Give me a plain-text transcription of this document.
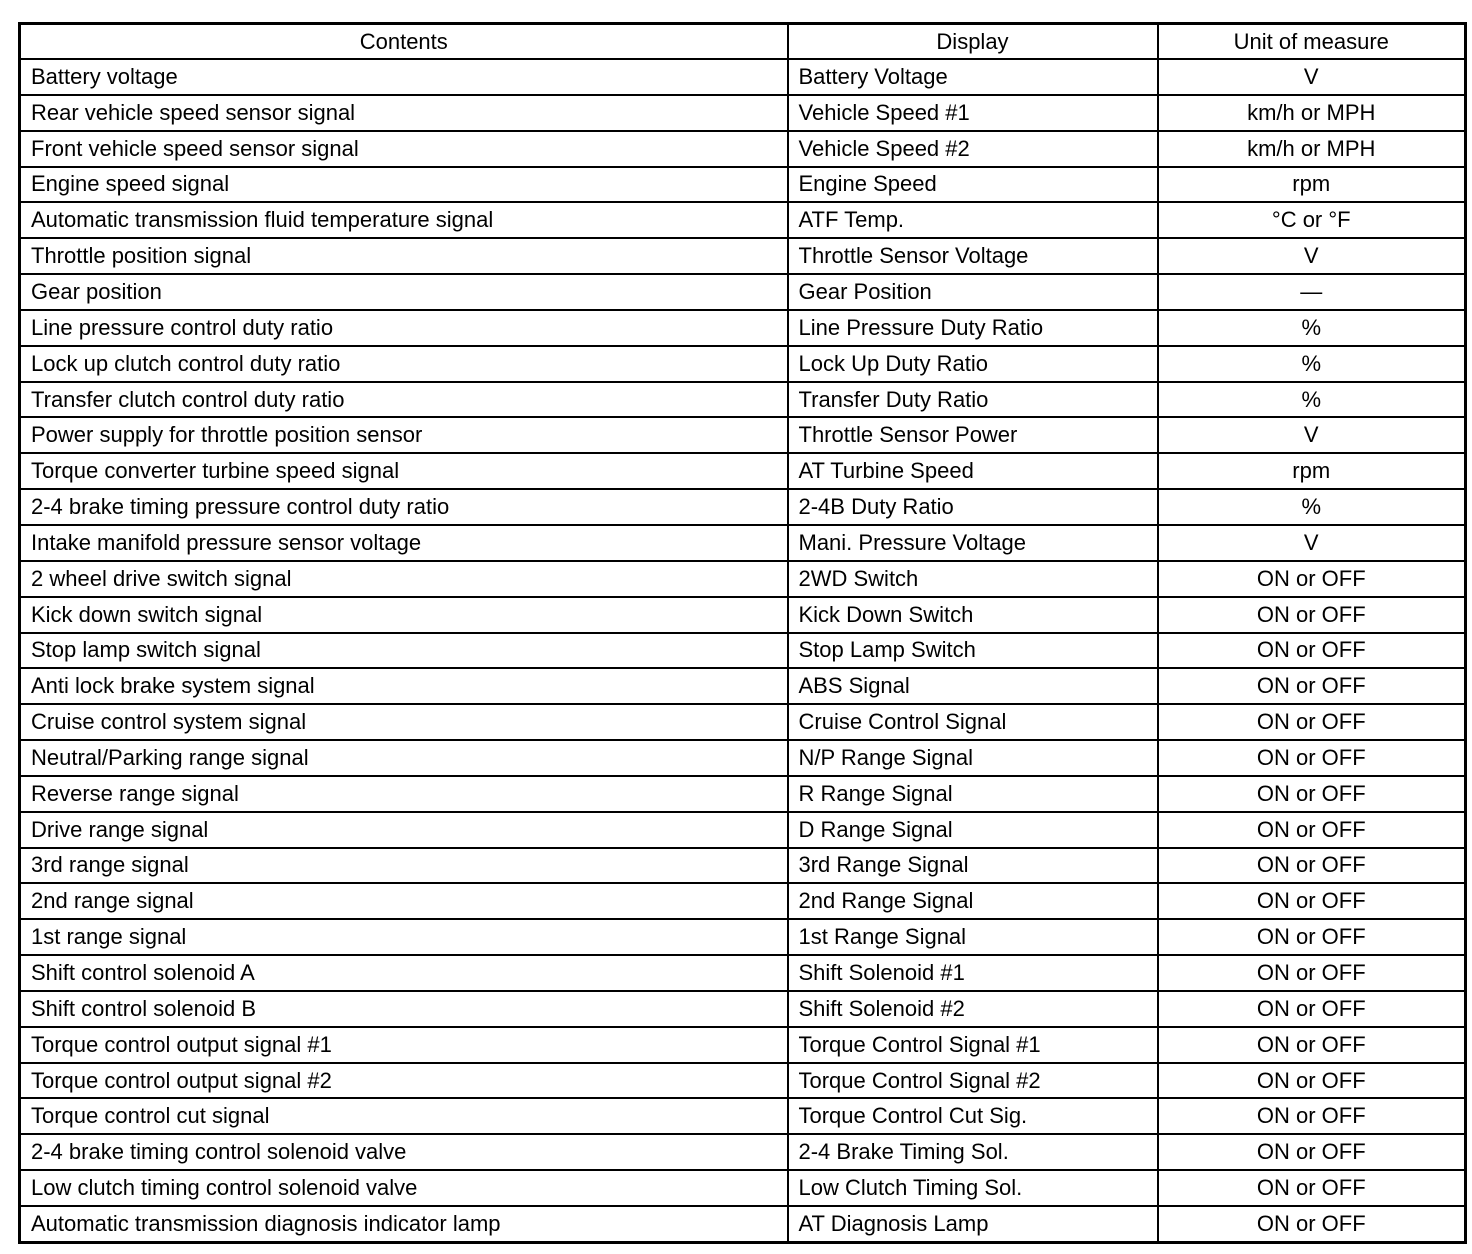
Contents	Display	Unit of measure
Battery voltage	Battery Voltage	V
Rear vehicle speed sensor signal	Vehicle Speed #1	km/h or MPH
Front vehicle speed sensor signal	Vehicle Speed #2	km/h or MPH
Engine speed signal	Engine Speed	rpm
Automatic transmission fluid temperature signal	ATF Temp.	°C or °F
Throttle position signal	Throttle Sensor Voltage	V
Gear position	Gear Position	—
Line pressure control duty ratio	Line Pressure Duty Ratio	%
Lock up clutch control duty ratio	Lock Up Duty Ratio	%
Transfer clutch control duty ratio	Transfer Duty Ratio	%
Power supply for throttle position sensor	Throttle Sensor Power	V
Torque converter turbine speed signal	AT Turbine Speed	rpm
2-4 brake timing pressure control duty ratio	2-4B Duty Ratio	%
Intake manifold pressure sensor voltage	Mani. Pressure Voltage	V
2 wheel drive switch signal	2WD Switch	ON or OFF
Kick down switch signal	Kick Down Switch	ON or OFF
Stop lamp switch signal	Stop Lamp Switch	ON or OFF
Anti lock brake system signal	ABS Signal	ON or OFF
Cruise control system signal	Cruise Control Signal	ON or OFF
Neutral/Parking range signal	N/P Range Signal	ON or OFF
Reverse range signal	R Range Signal	ON or OFF
Drive range signal	D Range Signal	ON or OFF
3rd range signal	3rd Range Signal	ON or OFF
2nd range signal	2nd Range Signal	ON or OFF
1st range signal	1st Range Signal	ON or OFF
Shift control solenoid A	Shift Solenoid #1	ON or OFF
Shift control solenoid B	Shift Solenoid #2	ON or OFF
Torque control output signal #1	Torque Control Signal #1	ON or OFF
Torque control output signal #2	Torque Control Signal #2	ON or OFF
Torque control cut signal	Torque Control Cut Sig.	ON or OFF
2-4 brake timing control solenoid valve	2-4 Brake Timing Sol.	ON or OFF
Low clutch timing control solenoid valve	Low Clutch Timing Sol.	ON or OFF
Automatic transmission diagnosis indicator lamp	AT Diagnosis Lamp	ON or OFF
